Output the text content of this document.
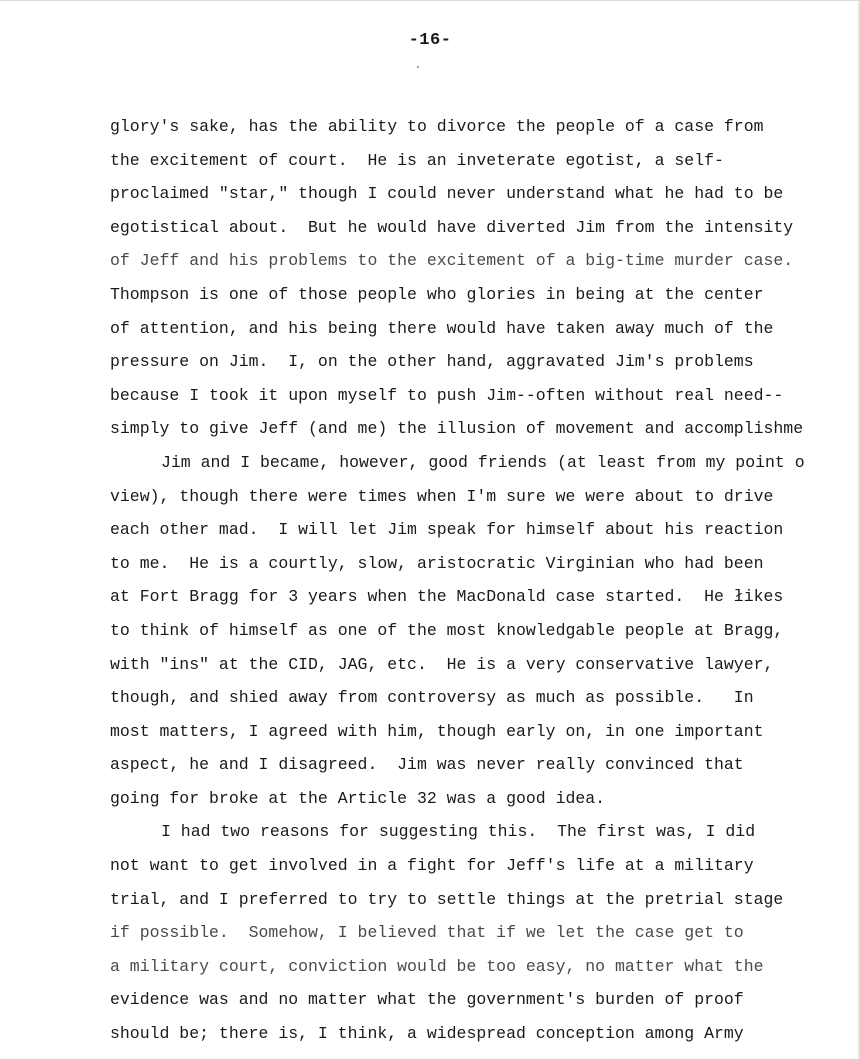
-16-
glory's sake, has the ability to divorce the people of a case from
the excitement of court.  He is an inveterate egotist, a self-
proclaimed "star," though I could never understand what he had to be
egotistical about.  But he would have diverted Jim from the intensity
of Jeff and his problems to the excitement of a big-time murder case.
Thompson is one of those people who glories in being at the center
of attention, and his being there would have taken away much of the
pressure on Jim.  I, on the other hand, aggravated Jim's problems
because I took it upon myself to push Jim--often without real need--
simply to give Jeff (and me) the illusion of movement and accomplishme
Jim and I became, however, good friends (at least from my point o
view), though there were times when I'm sure we were about to drive
each other mad.  I will let Jim speak for himself about his reaction
to me.  He is a courtly, slow, aristocratic Virginian who had been
at Fort Bragg for 3 years when the MacDonald case started.  He łikes
to think of himself as one of the most knowledgable people at Bragg,
with "ins" at the CID, JAG, etc.  He is a very conservative lawyer,
though, and shied away from controversy as much as possible.   In
most matters, I agreed with him, though early on, in one important
aspect, he and I disagreed.  Jim was never really convinced that
going for broke at the Article 32 was a good idea.
I had two reasons for suggesting this.  The first was, I did
not want to get involved in a fight for Jeff's life at a military
trial, and I preferred to try to settle things at the pretrial stage
if possible.  Somehow, I believed that if we let the case get to
a military court, conviction would be too easy, no matter what the
evidence was and no matter what the government's burden of proof
should be; there is, I think, a widespread conception among Army
